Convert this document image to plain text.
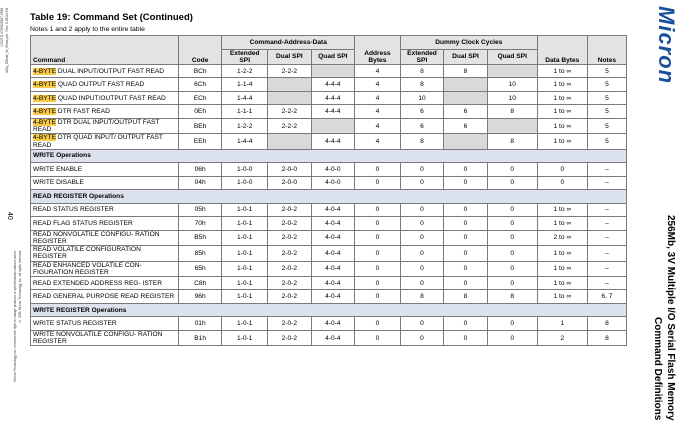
CCMTD-1725822587-3368 n25q_256mb_3v_65nm.pdf - Rev. S 09/13 EN
40
Micron Technology, Inc. reserves the right to change products or specifications without notice. © 2011 Micron Technology, Inc. All rights reserved.
Table 19: Command Set (Continued)
Notes 1 and 2 apply to the entire table
Command	Code	Command-Address-Data			Address Bytes	Dummy Clock Cycles			Data Bytes	Notes
		Extended SPI	Dual SPI	Quad SPI		Extended SPI	Dual SPI	Quad SPI		
4-BYTE DUAL INPUT/OUTPUT FAST READ	BCh	1-2-2	2-2-2		4	8	8		1 to ∞	5
4-BYTE QUAD OUTPUT FAST READ	6Ch	1-1-4		4-4-4	4	8		10	1 to ∞	5
4-BYTE QUAD INPUT/OUTPUT FAST READ	ECh	1-4-4		4-4-4	4	10		10	1 to ∞	5
4-BYTE DTR FAST READ	0Eh	1-1-1	2-2-2	4-4-4	4	6	6	8	1 to ∞	5
4-BYTE DTR DUAL INPUT/OUTPUT FAST READ	BEh	1-2-2	2-2-2		4	6	6		1 to ∞	5
4-BYTE DTR QUAD INPUT/ OUTPUT FAST READ	EEh	1-4-4		4-4-4	4	8		8	1 to ∞	5
WRITE Operations										
WRITE ENABLE	06h	1-0-0	2-0-0	4-0-0	0	0	0	0	0	–
WRITE DISABLE	04h	1-0-0	2-0-0	4-0-0	0	0	0	0	0	–
READ REGISTER Operations										
READ STATUS REGISTER	05h	1-0-1	2-0-2	4-0-4	0	0	0	0	1 to ∞	–
READ FLAG STATUS REGISTER	70h	1-0-1	2-0-2	4-0-4	0	0	0	0	1 to ∞	–
READ NONVOLATILE CONFIGU- RATION REGISTER	B5h	1-0-1	2-0-2	4-0-4	0	0	0	0	2 to ∞	–
READ VOLATILE CONFIGURATION REGISTER	85h	1-0-1	2-0-2	4-0-4	0	0	0	0	1 to ∞	–
READ ENHANCED VOLATILE CON- FIGURATION REGISTER	65h	1-0-1	2-0-2	4-0-4	0	0	0	0	1 to ∞	–
READ EXTENDED ADDRESS REG- ISTER	C8h	1-0-1	2-0-2	4-0-4	0	0	0	0	1 to ∞	–
READ GENERAL PURPOSE READ REGISTER	96h	1-0-1	2-0-2	4-0-4	0	8	8	8	1 to ∞	6, 7
WRITE REGISTER Operations										
WRITE STATUS REGISTER	01h	1-0-1	2-0-2	4-0-4	0	0	0	0	1	8
WRITE NONVOLATILE CONFIGU- RATION REGISTER	B1h	1-0-1	2-0-2	4-0-4	0	0	0	0	2	8
Micron
256Mb, 3V Multiple I/O Serial Flash Memory

Command Definitions
